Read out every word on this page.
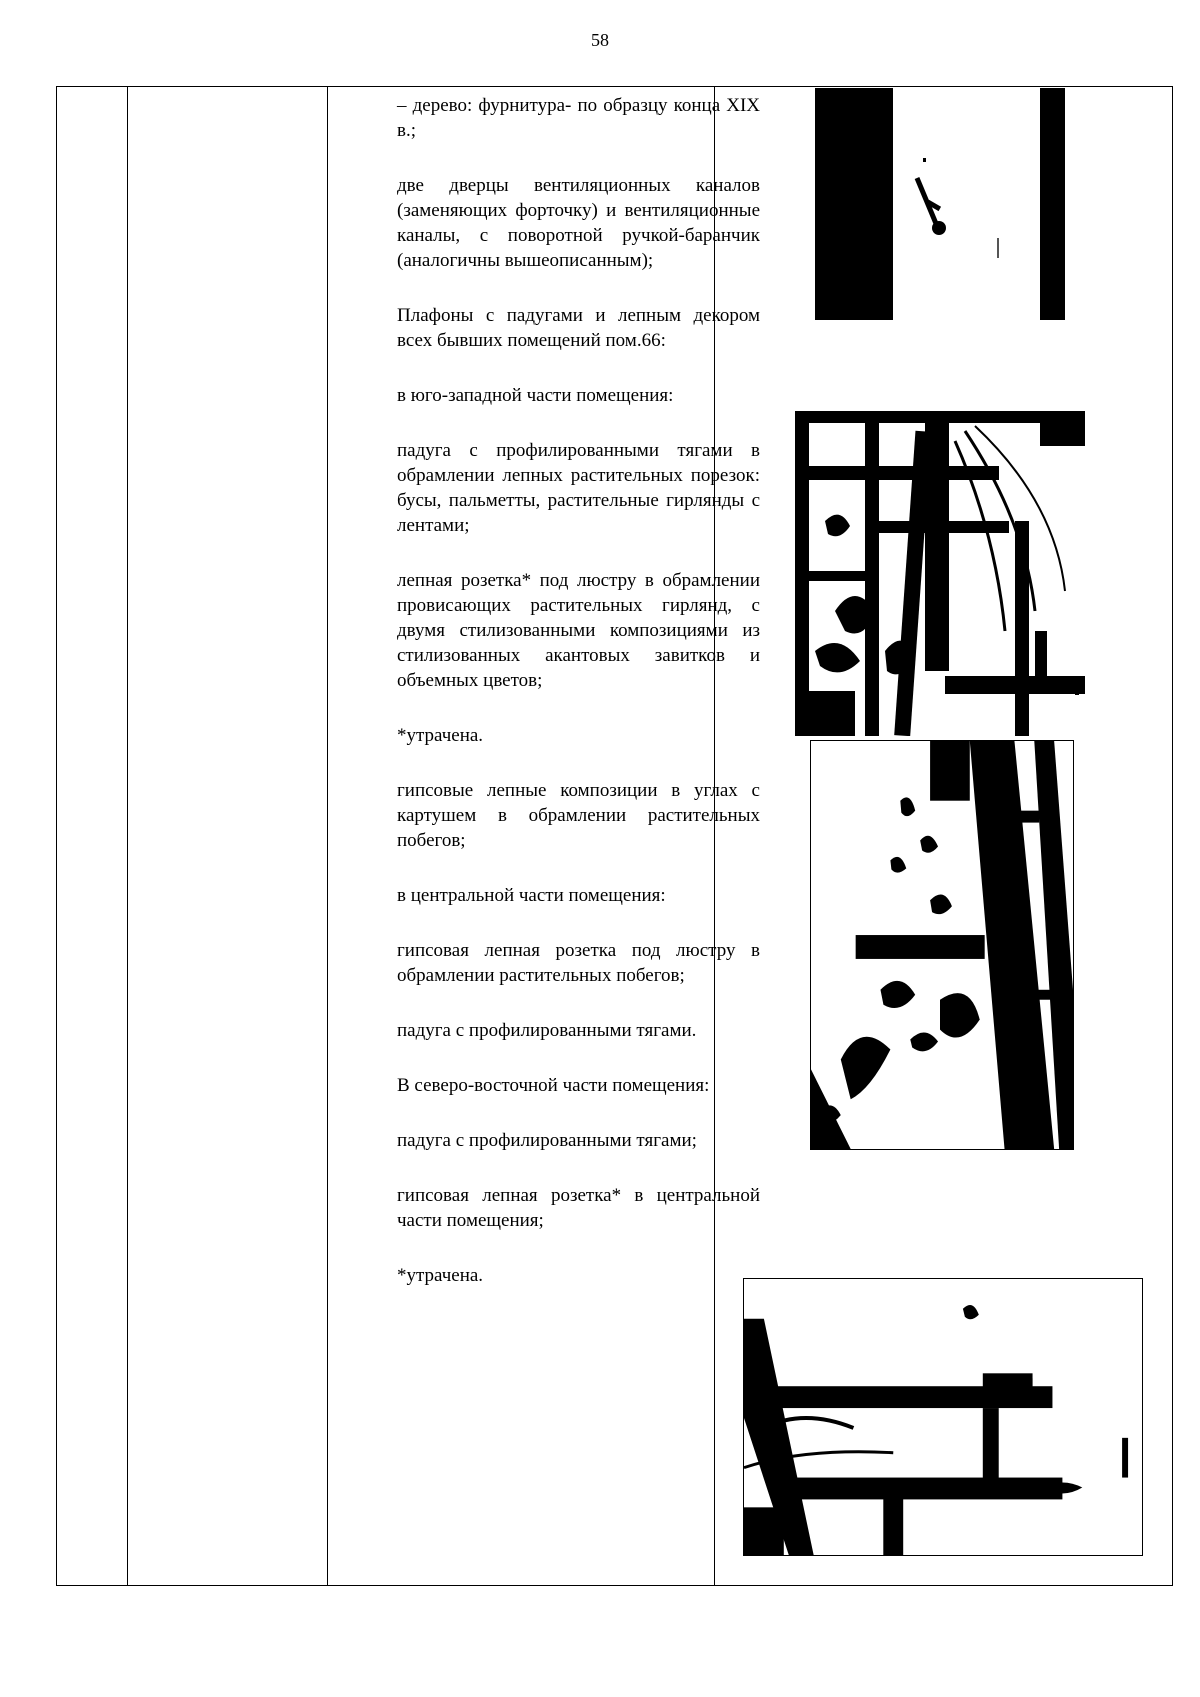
58

– дерево: фурнитура- по образцу конца XIX в.;

две дверцы вентиляционных каналов (заменяющих форточку) и вентиляционные каналы, с поворотной ручкой-баранчик (аналогичны вышеописанным);

Плафоны с падугами и лепным декором всех бывших помещений пом.66:

в юго-западной части помещения:

падуга с профилированными тягами в обрамлении лепных растительных порезок: бусы, пальметты, растительные гирлянды с лентами;

лепная розетка* под люстру в обрамлении провисающих растительных гирлянд, с двумя стилизованными композициями из стилизованных акантовых завитков и объемных цветов;

*утрачена.

гипсовые лепные композиции в углах с картушем в обрамлении растительных побегов;

в центральной части помещения:

гипсовая лепная розетка под люстру в обрамлении растительных побегов;

падуга с профилированными тягами.

В северо-восточной части помещения:

падуга с профилированными тягами;

гипсовая лепная розетка* в центральной части помещения;

*утрачена.
